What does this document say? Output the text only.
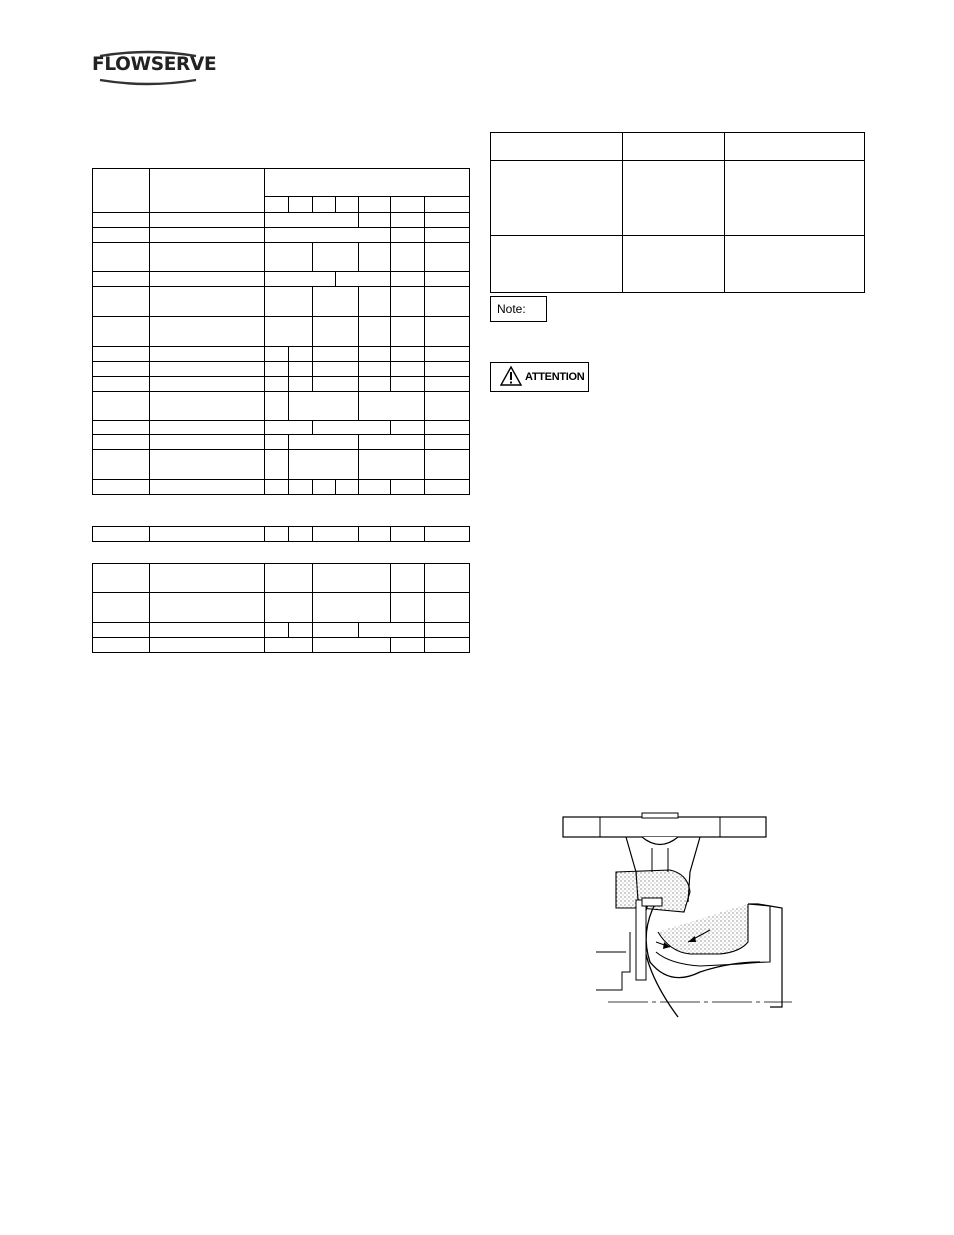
FLOWSERVE

Note:
ATTENTION
